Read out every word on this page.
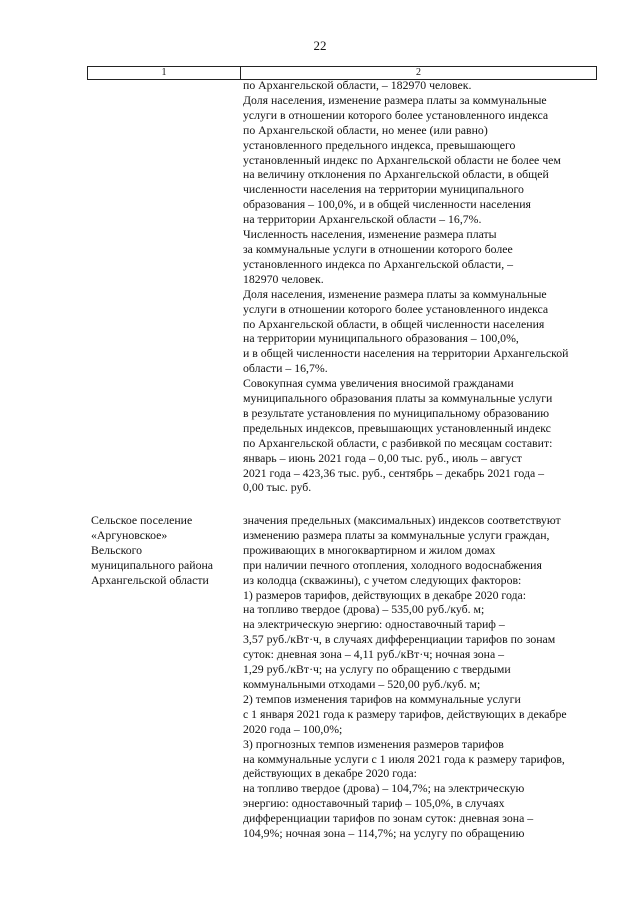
22
1	2
по Архангельской области, – 182970 человек.
Доля населения, изменение размера платы за коммунальные
услуги в отношении которого более установленного индекса
по Архангельской области, но менее (или равно)
установленного предельного индекса, превышающего
установленный индекс по Архангельской области не более чем
на величину отклонения по Архангельской области, в общей
численности населения на территории муниципального
образования – 100,0%, и в общей численности населения
на территории Архангельской области – 16,7%.
Численность населения, изменение размера платы
за коммунальные услуги в отношении которого более
установленного индекса по Архангельской области, –
182970 человек.
Доля населения, изменение размера платы за коммунальные
услуги в отношении которого более установленного индекса
по Архангельской области, в общей численности населения
на территории муниципального образования – 100,0%,
и в общей численности населения на территории Архангельской
области – 16,7%.
Совокупная сумма увеличения вносимой гражданами
муниципального образования платы за коммунальные услуги
в результате установления по муниципальному образованию
предельных индексов, превышающих установленный индекс
по Архангельской области, с разбивкой по месяцам составит:
январь – июнь 2021 года – 0,00 тыс. руб., июль – август
2021 года – 423,36 тыс. руб., сентябрь – декабрь 2021 года –
0,00 тыс. руб.
Сельское поселение
«Аргуновское»
Вельского
муниципального района
Архангельской области
значения предельных (максимальных) индексов соответствуют
изменению размера платы за коммунальные услуги граждан,
проживающих в многоквартирном и жилом домах
при наличии печного отопления, холодного водоснабжения
из колодца (скважины), с учетом следующих факторов:
1) размеров тарифов, действующих в декабре 2020 года:
на топливо твердое (дрова) – 535,00 руб./куб. м;
на электрическую энергию: одноставочный тариф –
3,57 руб./кВт·ч, в случаях дифференциации тарифов по зонам
суток: дневная зона – 4,11 руб./кВт·ч; ночная зона –
1,29 руб./кВт·ч; на услугу по обращению с твердыми
коммунальными отходами – 520,00 руб./куб. м;
2) темпов изменения тарифов на коммунальные услуги
с 1 января 2021 года к размеру тарифов, действующих в декабре
2020 года – 100,0%;
3) прогнозных темпов изменения размеров тарифов
на коммунальные услуги с 1 июля 2021 года к размеру тарифов,
действующих в декабре 2020 года:
на топливо твердое (дрова) – 104,7%; на электрическую
энергию: одноставочный тариф – 105,0%, в случаях
дифференциации тарифов по зонам суток: дневная зона –
104,9%; ночная зона – 114,7%; на услугу по обращению
